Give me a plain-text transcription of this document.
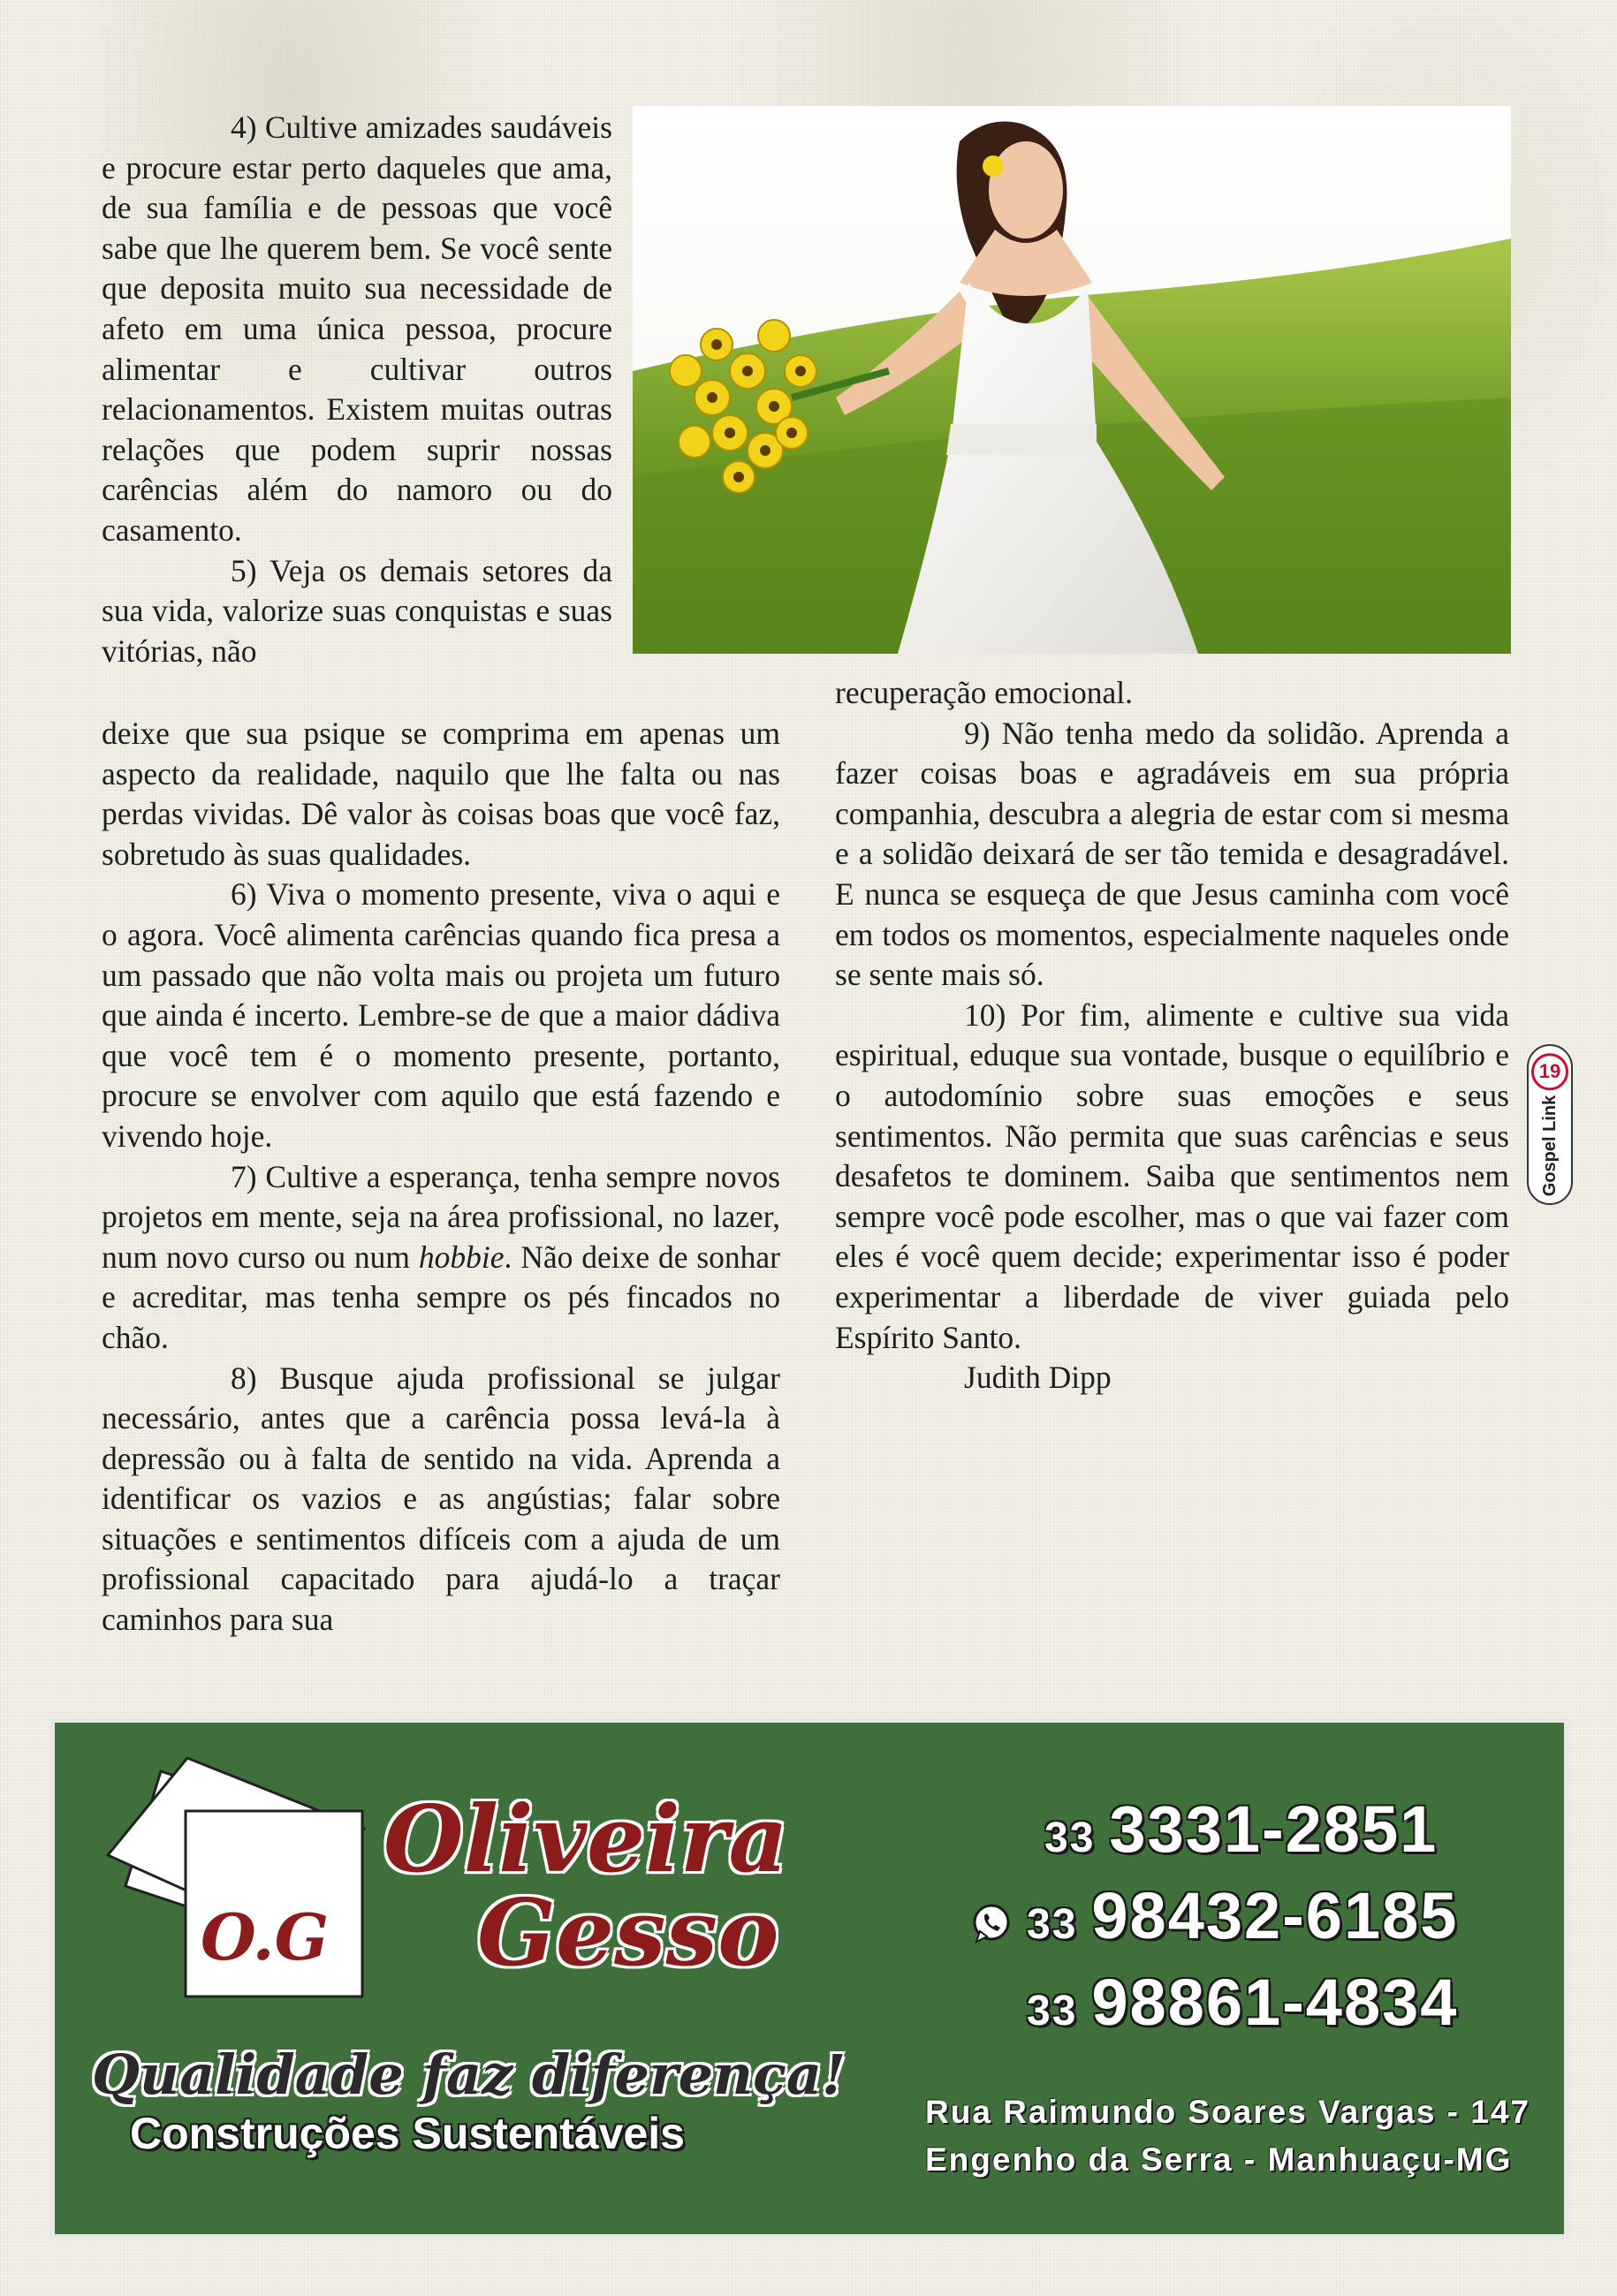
4) Cultive amizades saudáveis e procure estar perto daqueles que ama, de sua família e de pessoas que você sabe que lhe querem bem. Se você sente que deposita muito sua necessidade de afeto em uma única pessoa, procure alimentar e cultivar outros relacionamentos. Existem muitas outras relações que podem suprir nossas carências além do namoro ou do casamento.

5) Veja os demais setores da sua vida, valorize suas conquistas e suas vitórias, não

deixe que sua psique se comprima em apenas um aspecto da realidade, naquilo que lhe falta ou nas perdas vividas. Dê valor às coisas boas que você faz, sobretudo às suas qualidades.

6) Viva o momento presente, viva o aqui e o agora. Você alimenta carências quando fica presa a um passado que não volta mais ou projeta um futuro que ainda é incerto. Lembre-se de que a maior dádiva que você tem é o momento presente, portanto, procure se envolver com aquilo que está fazendo e vivendo hoje.

7) Cultive a esperança, tenha sempre novos projetos em mente, seja na área profissional, no lazer, num novo curso ou num hobbie. Não deixe de sonhar e acreditar, mas tenha sempre os pés fincados no chão.

8) Busque ajuda profissional se julgar necessário, antes que a carência possa levá-la à depressão ou à falta de sentido na vida. Aprenda a identificar os vazios e as angústias; falar sobre situações e sentimentos difíceis com a ajuda de um profissional capacitado para ajudá-lo a traçar caminhos para sua

recuperação emocional.

9) Não tenha medo da solidão. Aprenda a fazer coisas boas e agradáveis em sua própria companhia, descubra a alegria de estar com si mesma e a solidão deixará de ser tão temida e desagradável. E nunca se esqueça de que Jesus caminha com você em todos os momentos, especialmente naqueles onde se sente mais só.

10) Por fim, alimente e cultive sua vida espiritual, eduque sua vontade, busque o equilíbrio e o autodomínio sobre suas emoções e seus sentimentos. Não permita que suas carências e seus desafetos te dominem. Saiba que sentimentos nem sempre você pode escolher, mas o que vai fazer com eles é você quem decide; experimentar isso é poder experimentar a liberdade de viver guiada pelo Espírito Santo.

Judith Dipp

Gospel Link
19
O.G
Oliveira
Gesso
Qualidade faz diferença!
Construções Sustentáveis
33 3331-2851
33 98432-6185
33 98861-4834
Rua Raimundo Soares Vargas - 147
Engenho da Serra - Manhuaçu-MG
